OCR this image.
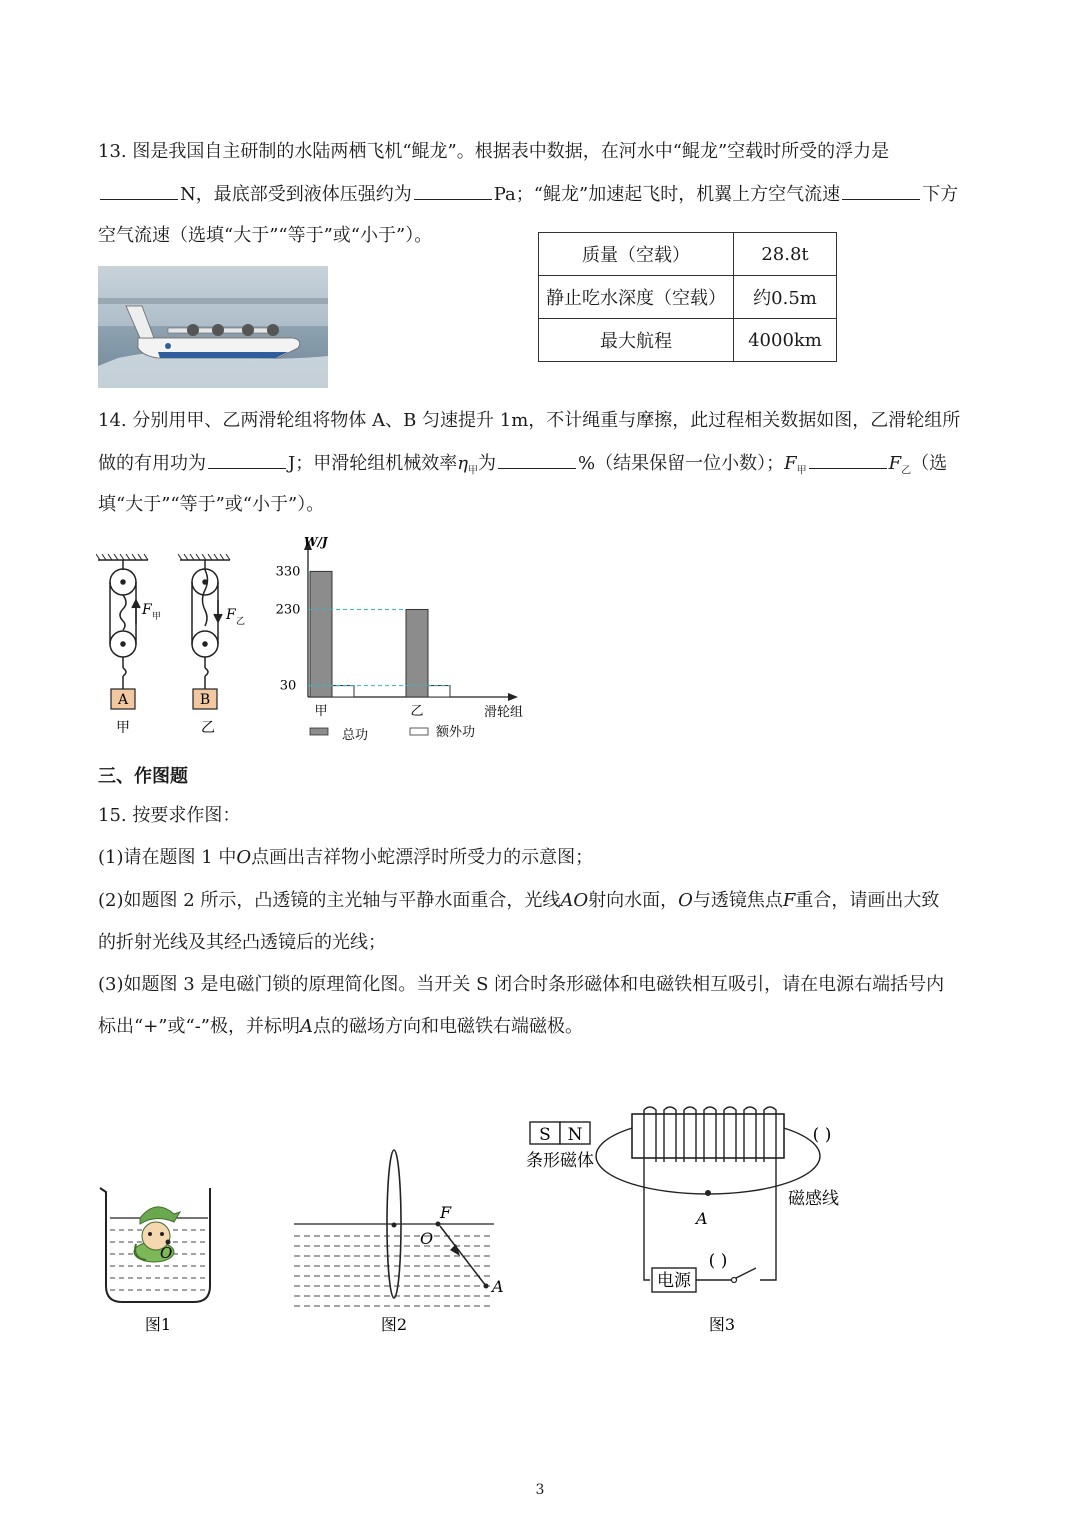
13. 图是我国自主研制的水陆两栖飞机“鲲龙”。根据表中数据，在河水中“鲲龙”空载时所受的浮力是
N，最底部受到液体压强约为	Pa；“鲲龙”加速起飞时，机翼上方空气流速	下方
空气流速（选填“大于”“等于”或“小于”）。
质量（空载）	28.8t
静止吃水深度（空载）	约0.5m
最大航程	4000km
14. 分别用甲、乙两滑轮组将物体 A、B 匀速提升 1m，不计绳重与摩擦，此过程相关数据如图，乙滑轮组所
做的有用功为	J；甲滑轮组机械效率$\eta_甲$为	%（结果保留一位小数）；$F_甲$	$F_乙$（选
填“大于”“等于”或“小于”）。
A
甲
F 甲
B
乙
F 乙
W/J
滑轮组
30
230
330
甲	乙
总功	额外功
三、作图题
15. 按要求作图：
(1)请在题图 1 中O点画出吉祥物小蛇漂浮时所受力的示意图；
(2)如题图 2 所示，凸透镜的主光轴与平静水面重合，光线AO射向水面，O与透镜焦点F重合，请画出大致
的折射光线及其经凸透镜后的光线；
(3)如题图 3 是电磁门锁的原理简化图。当开关 S 闭合时条形磁体和电磁铁相互吸引，请在电源右端括号内
标出“+”或“-”极，并标明A点的磁场方向和电磁铁右端磁极。
O
图1
F
O
A
图2
S N
条形磁体
电源
( )
( )
A
磁感线
图3
3
